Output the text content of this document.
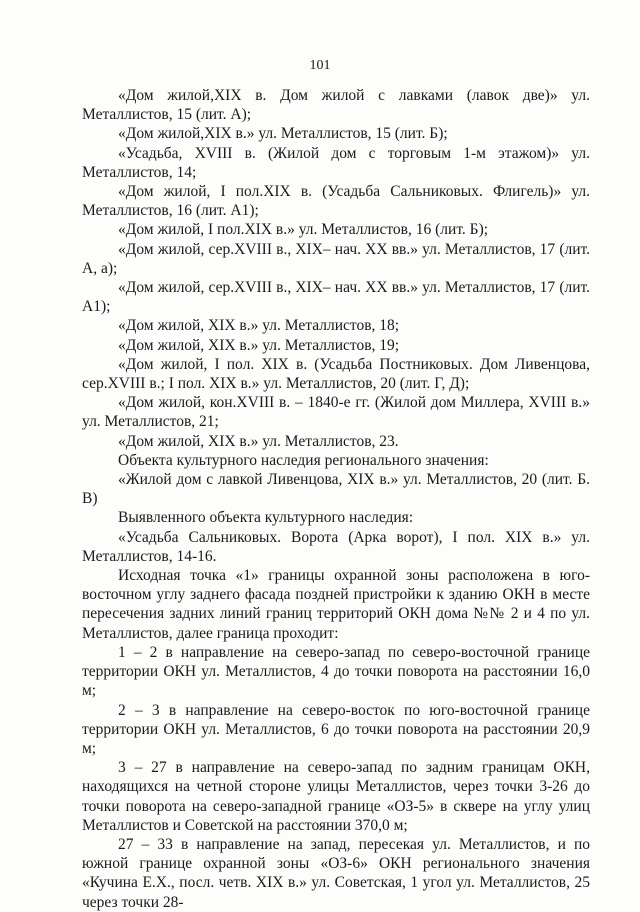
101

«Дом жилой,XIX в. Дом жилой с лавками (лавок две)» ул. Металлистов, 15 (лит. А);

«Дом жилой,XIX в.» ул. Металлистов, 15 (лит. Б);

«Усадьба, XVIII в. (Жилой дом с торговым 1-м этажом)» ул. Металлистов, 14;

«Дом жилой, I пол.XIX в. (Усадьба Сальниковых. Флигель)» ул. Металлистов, 16 (лит. А1);

«Дом жилой, I пол.XIX в.» ул. Металлистов, 16 (лит. Б);

«Дом жилой, сер.XVIII в., XIX– нач. XX вв.» ул. Металлистов, 17 (лит. А, а);

«Дом жилой, сер.XVIII в., XIX– нач. XX вв.» ул. Металлистов, 17 (лит. А1);

«Дом жилой, XIX в.» ул. Металлистов, 18;

«Дом жилой, XIX в.» ул. Металлистов, 19;

«Дом жилой, I пол. XIX в. (Усадьба Постниковых. Дом Ливенцова, сер.XVIII в.; I пол. XIX в.» ул. Металлистов, 20 (лит. Г, Д);

«Дом жилой, кон.XVIII в. – 1840-е гг. (Жилой дом Миллера, XVIII в.» ул. Металлистов, 21;

«Дом жилой, XIX в.» ул. Металлистов, 23.

Объекта культурного наследия регионального значения:

«Жилой дом с лавкой Ливенцова, XIX в.» ул. Металлистов, 20 (лит. Б. В)

Выявленного объекта культурного наследия:

«Усадьба Сальниковых. Ворота (Арка ворот), I пол. XIX в.» ул. Металлистов, 14-16.

Исходная точка «1» границы охранной зоны расположена в юго-восточном углу заднего фасада поздней пристройки к зданию ОКН в месте пересечения задних линий границ территорий ОКН дома №№ 2 и 4 по ул. Металлистов, далее граница проходит:

1 – 2 в направление на северо-запад по северо-восточной границе территории ОКН ул. Металлистов, 4 до точки поворота на расстоянии 16,0 м;

2 – 3 в направление на северо-восток по юго-восточной границе территории ОКН ул. Металлистов, 6 до точки поворота на расстоянии 20,9 м;

3 – 27 в направление на северо-запад по задним границам ОКН, находящихся на четной стороне улицы Металлистов, через точки 3-26 до точки поворота на северо-западной границе «ОЗ-5» в сквере на углу улиц Металлистов и Советской на расстоянии 370,0 м;

27 – 33 в направление на запад, пересекая ул. Металлистов, и по южной границе охранной зоны «ОЗ-6» ОКН регионального значения «Кучина Е.Х., посл. четв. XIX в.» ул. Советская, 1 угол ул. Металлистов, 25 через точки 28-
